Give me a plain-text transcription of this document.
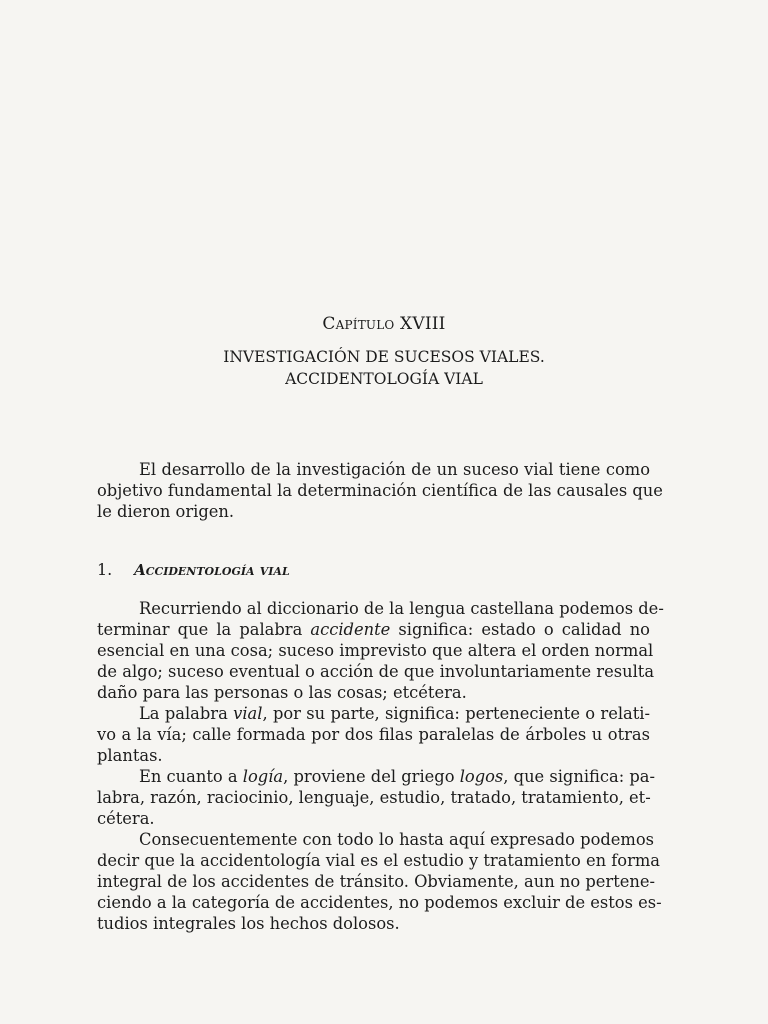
Capítulo XVIII
INVESTIGACIÓN DE SUCESOS VIALES.
ACCIDENTOLOGÍA VIAL
El desarrollo de la investigación de un suceso vial tiene como
objetivo fundamental la determinación científica de las causales que
le dieron origen.
1. Accidentología vial
Recurriendo al diccionario de la lengua castellana podemos de-
terminar que la palabra accidente significa: estado o calidad no
esencial en una cosa; suceso imprevisto que altera el orden normal
de algo; suceso eventual o acción de que involuntariamente resulta
daño para las personas o las cosas; etcétera.
La palabra vial, por su parte, significa: perteneciente o relati-
vo a la vía; calle formada por dos filas paralelas de árboles u otras
plantas.
En cuanto a logía, proviene del griego logos, que significa: pa-
labra, razón, raciocinio, lenguaje, estudio, tratado, tratamiento, et-
cétera.
Consecuentemente con todo lo hasta aquí expresado podemos
decir que la accidentología vial es el estudio y tratamiento en forma
integral de los accidentes de tránsito. Obviamente, aun no pertene-
ciendo a la categoría de accidentes, no podemos excluir de estos es-
tudios integrales los hechos dolosos.
